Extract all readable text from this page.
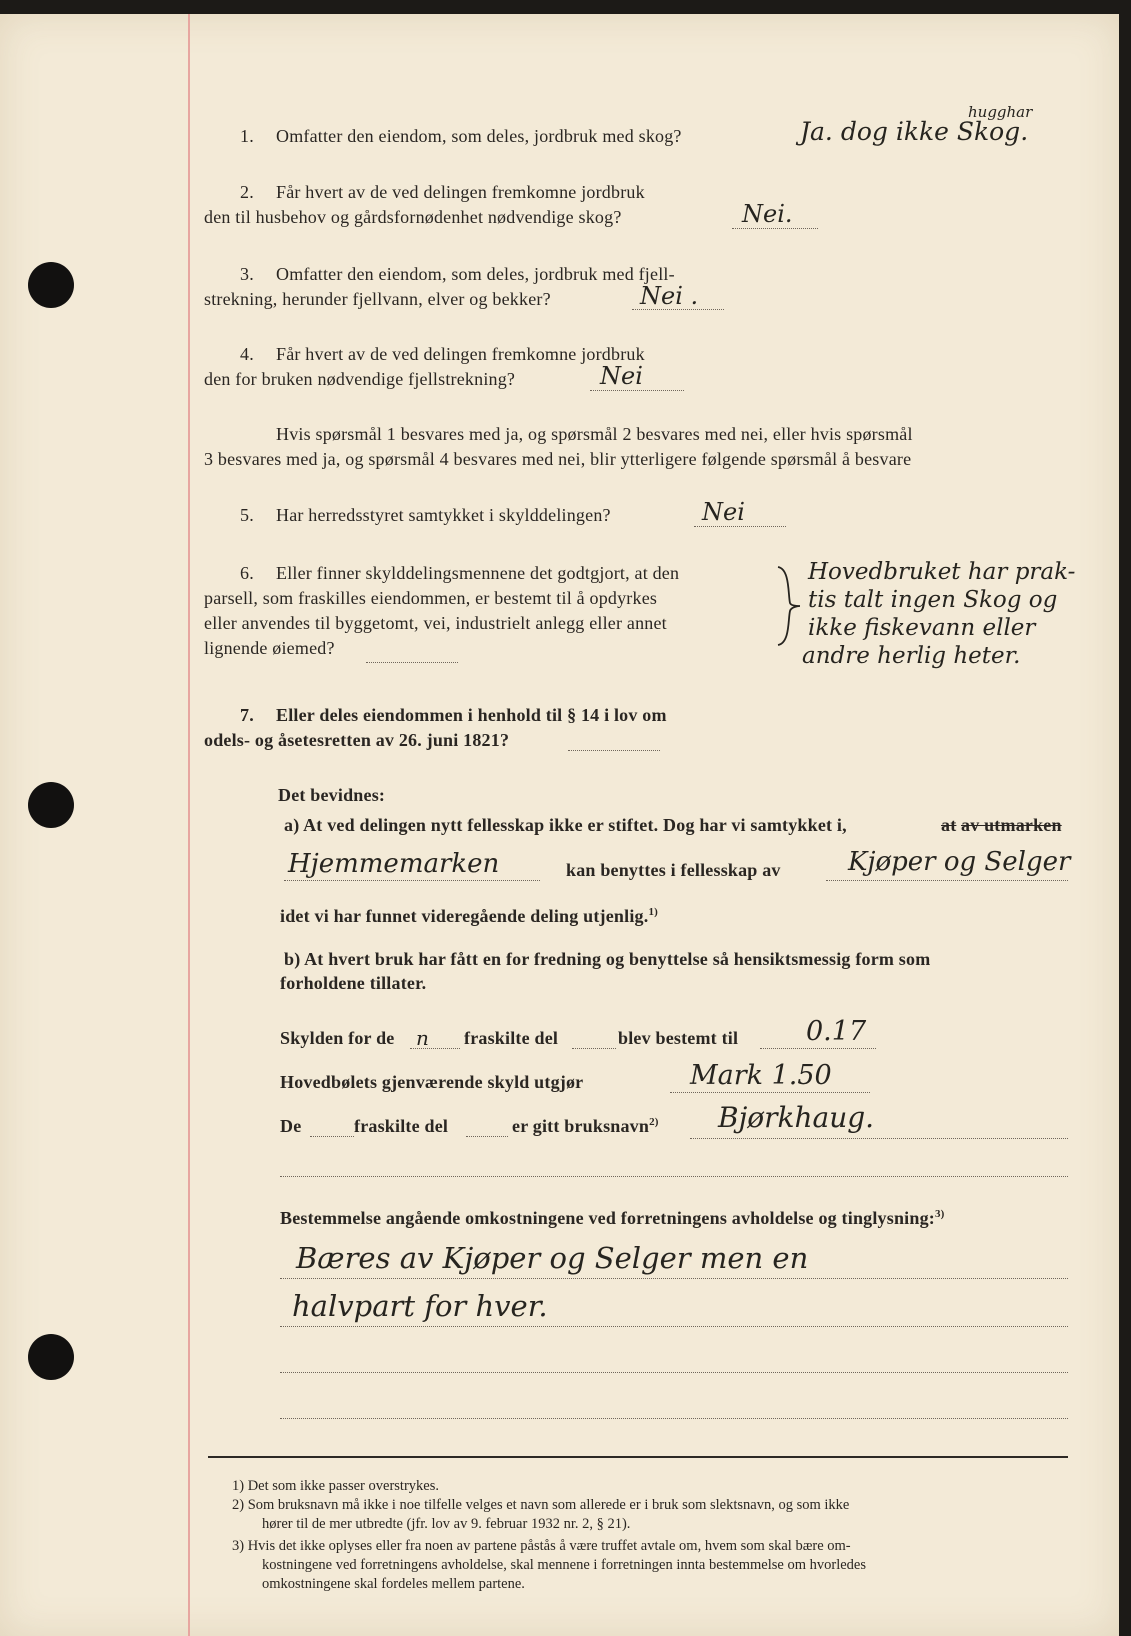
1. Omfatter den eiendom, som deles, jordbruk med skog?
hugghar
Ja. dog ikke Skog.
2. Får hvert av de ved delingen fremkomne jordbruk
den til husbehov og gårdsfornødenhet nødvendige skog?	Nei.
3. Omfatter den eiendom, som deles, jordbruk med fjell-
strekning, herunder fjellvann, elver og bekker?	Nei .
4. Får hvert av de ved delingen fremkomne jordbruk
den for bruken nødvendige fjellstrekning?	Nei
Hvis spørsmål 1 besvares med ja, og spørsmål 2 besvares med nei, eller hvis spørsmål
3 besvares med ja, og spørsmål 4 besvares med nei, blir ytterligere følgende spørsmål å besvare
5. Har herredsstyret samtykket i skylddelingen?	Nei
6. Eller finner skylddelingsmennene det godtgjort, at den
parsell, som fraskilles eiendommen, er bestemt til å opdyrkes
eller anvendes til byggetomt, vei, industrielt anlegg eller annet
lignende øiemed?
Hovedbruket har prak-
tis talt ingen Skog og
ikke fiskevann eller
andre herlig heter.
7. Eller deles eiendommen i henhold til § 14 i lov om
odels- og åsetesretten av 26. juni 1821?
Det bevidnes:
a) At ved delingen nytt fellesskap ikke er stiftet. Dog har vi samtykket i,	at av utmarken
Hjemmemarken	kan benyttes i fellesskap av	Kjøper og Selger
idet vi har funnet videregående deling utjenlig.$^{1)}$
b) At hvert bruk har fått en for fredning og benyttelse så hensiktsmessig form som
forholdene tillater.
Skylden for de n fraskilte del	blev bestemt til	0.17
Hovedbølets gjenværende skyld utgjør	Mark 1.50
De	fraskilte del	er gitt bruksnavn$^{2)}$ Bjørkhaug.
Bestemmelse angående omkostningene ved forretningens avholdelse og tinglysning:$^{3)}$
Bæres av Kjøper og Selger men en
halvpart for hver.
1) Det som ikke passer overstrykes.
2) Som bruksnavn må ikke i noe tilfelle velges et navn som allerede er i bruk som slektsnavn, og som ikke
hører til de mer utbredte (jfr. lov av 9. februar 1932 nr. 2, § 21).
3) Hvis det ikke oplyses eller fra noen av partene påstås å være truffet avtale om, hvem som skal bære om-
kostningene ved forretningens avholdelse, skal mennene i forretningen innta bestemmelse om hvorledes
omkostningene skal fordeles mellem partene.
